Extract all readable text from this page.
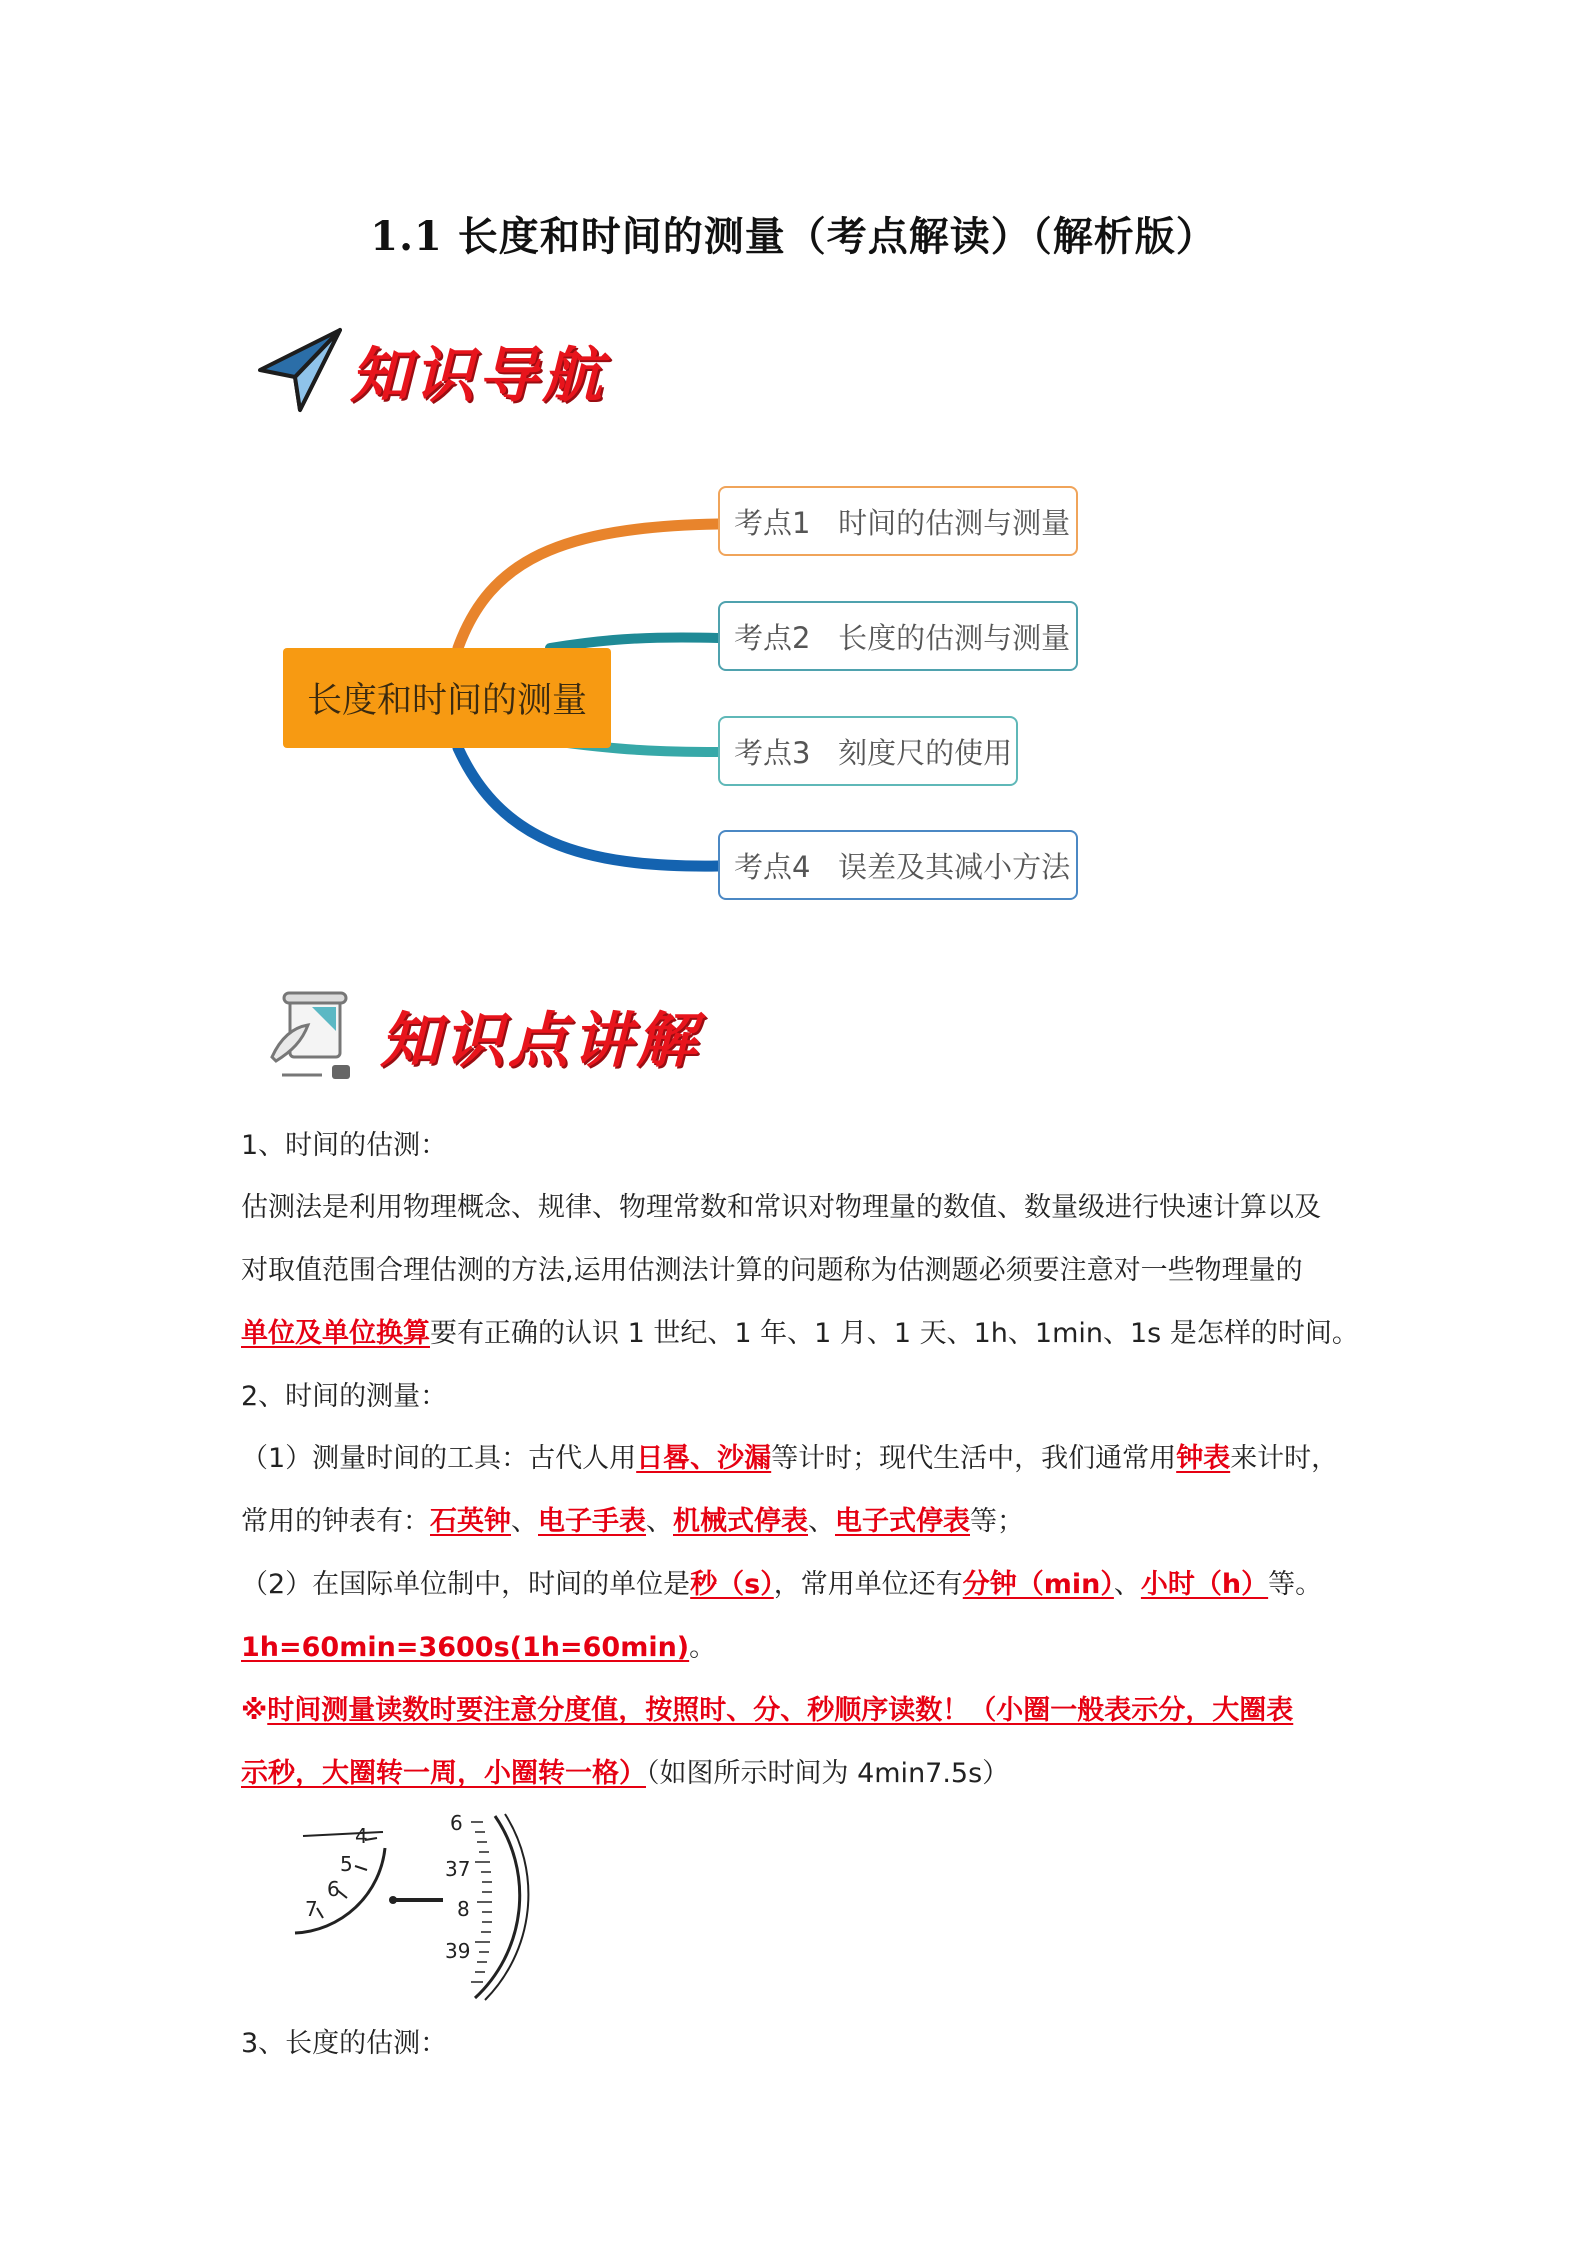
1.1 长度和时间的测量（考点解读）（解析版）
知识导航
长度和时间的测量
考点1   时间的估测与测量
考点2   长度的估测与测量
考点3   刻度尺的使用
考点4   误差及其减小方法
知识点讲解
1、时间的估测：
估测法是利用物理概念、规律、物理常数和常识对物理量的数值、数量级进行快速计算以及
对取值范围合理估测的方法,运用估测法计算的问题称为估测题必须要注意对一些物理量的
单位及单位换算要有正确的认识 1 世纪、1 年、1 月、1 天、1h、1min、1s 是怎样的时间。
2、时间的测量：
（1）测量时间的工具：古代人用日晷、沙漏等计时；现代生活中，我们通常用钟表来计时，
常用的钟表有：石英钟、电子手表、机械式停表、电子式停表等；
（2）在国际单位制中，时间的单位是秒（s），常用单位还有分钟（min）、小时（h）等。
1h=60min=3600s(1h=60min)。
※时间测量读数时要注意分度值，按照时、分、秒顺序读数！（小圈一般表示分，大圈表
示秒，大圈转一周，小圈转一格）（如图所示时间为 4min7.5s）
4
5
6
7
6
37
8
39
3、长度的估测：
